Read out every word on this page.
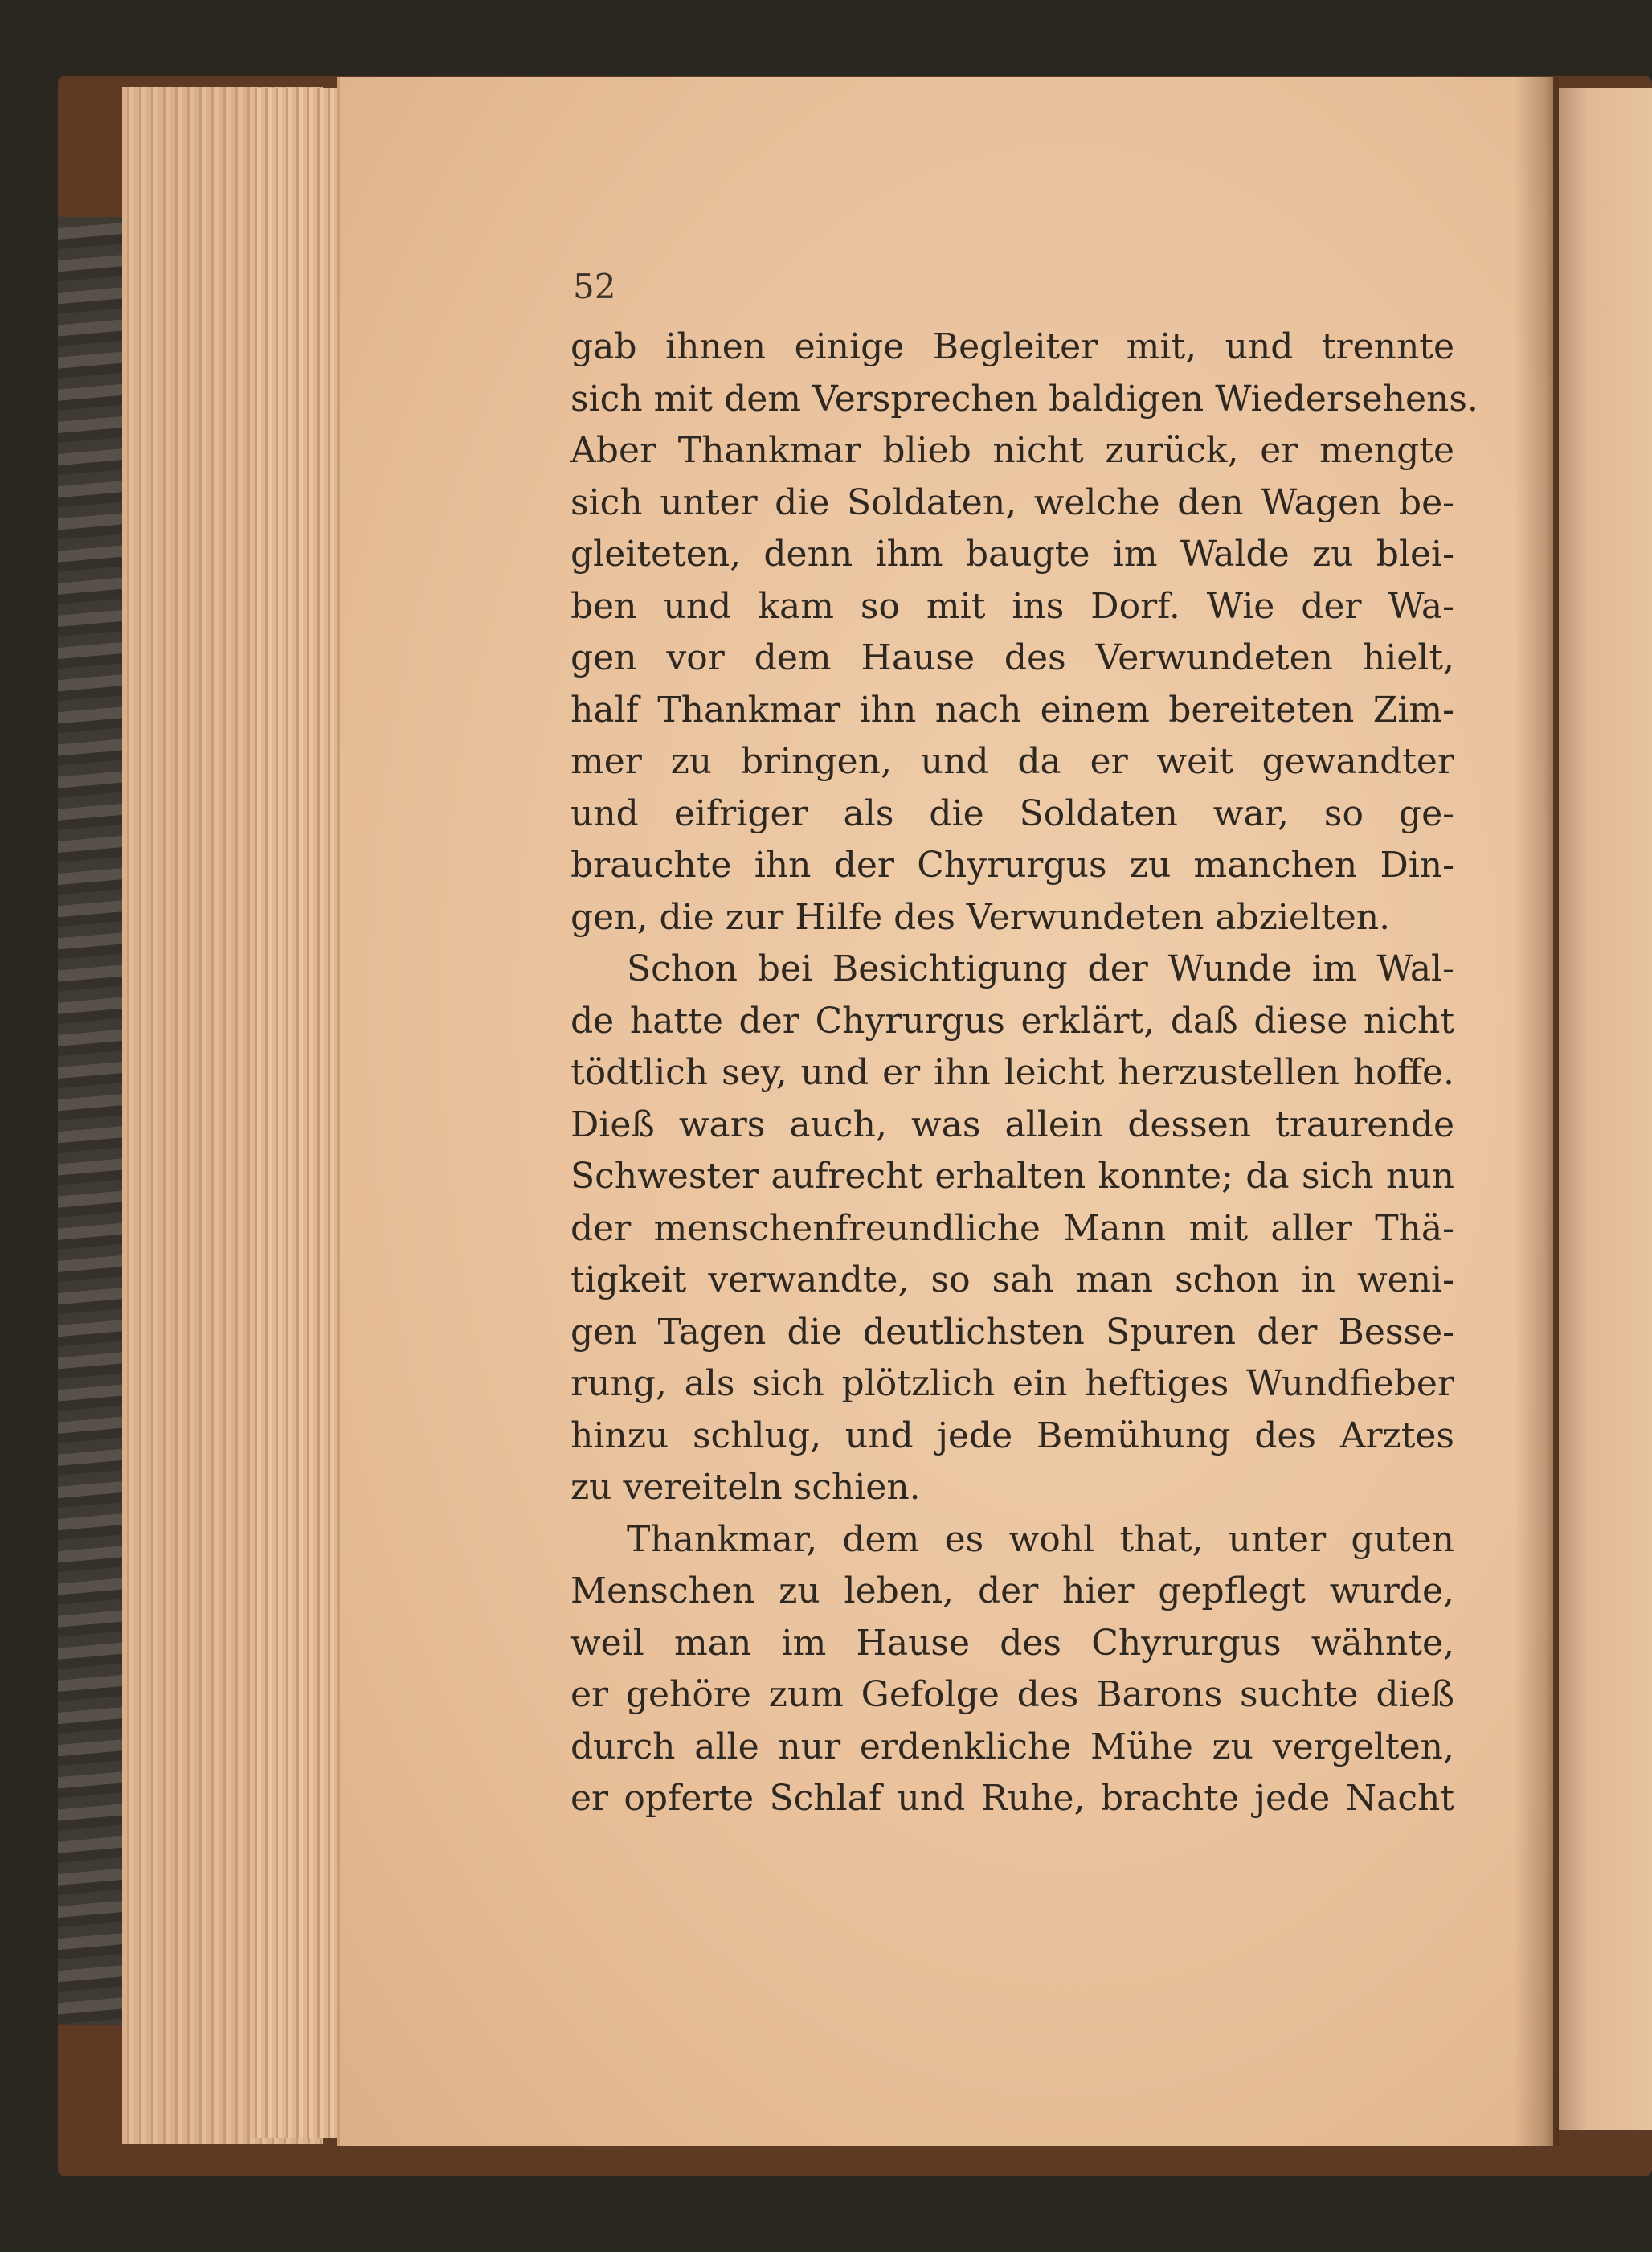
52
gab ihnen einige Begleiter mit, und trennte
sich mit dem Versprechen baldigen Wiedersehens.
Aber Thankmar blieb nicht zurück, er mengte
sich unter die Soldaten, welche den Wagen be-
gleiteten, denn ihm baugte im Walde zu blei-
ben und kam so mit ins Dorf. Wie der Wa-
gen vor dem Hause des Verwundeten hielt,
half Thankmar ihn nach einem bereiteten Zim-
mer zu bringen, und da er weit gewandter
und eifriger als die Soldaten war, so ge-
brauchte ihn der Chyrurgus zu manchen Din-
gen, die zur Hilfe des Verwundeten abzielten.
Schon bei Besichtigung der Wunde im Wal-
de hatte der Chyrurgus erklärt, daß diese nicht
tödtlich sey, und er ihn leicht herzustellen hoffe.
Dieß wars auch, was allein dessen traurende
Schwester aufrecht erhalten konnte; da sich nun
der menschenfreundliche Mann mit aller Thä-
tigkeit verwandte, so sah man schon in weni-
gen Tagen die deutlichsten Spuren der Besse-
rung, als sich plötzlich ein heftiges Wundfieber
hinzu schlug, und jede Bemühung des Arztes
zu vereiteln schien.
Thankmar, dem es wohl that, unter guten
Menschen zu leben, der hier gepflegt wurde,
weil man im Hause des Chyrurgus wähnte,
er gehöre zum Gefolge des Barons suchte dieß
durch alle nur erdenkliche Mühe zu vergelten,
er opferte Schlaf und Ruhe, brachte jede Nacht
